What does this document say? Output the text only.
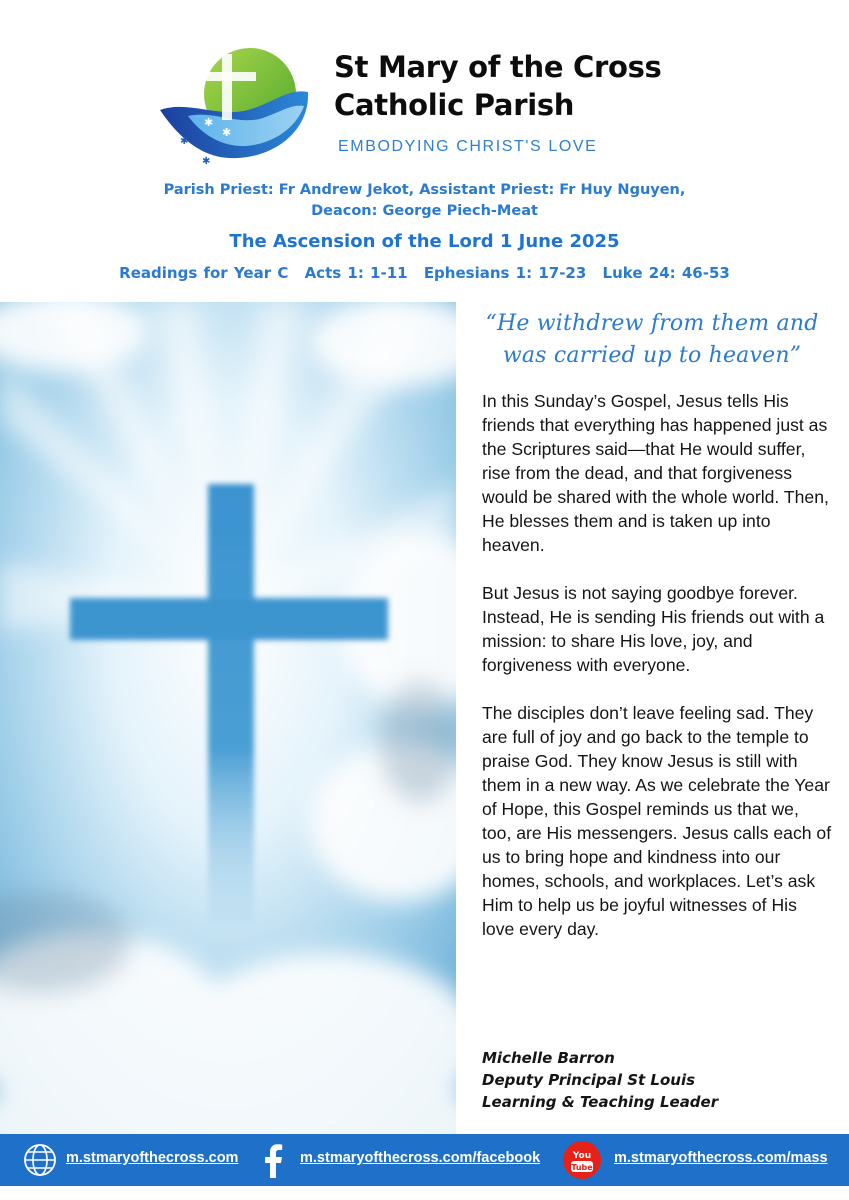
✱
✱
✱
✱
St Mary of the Cross
Catholic Parish
EMBODYING CHRIST'S LOVE
Parish Priest: Fr Andrew Jekot, Assistant Priest: Fr Huy Nguyen,
Deacon: George Piech-Meat
The Ascension of the Lord 1 June 2025
Readings for Year C Acts 1: 1-11 Ephesians 1: 17-23 Luke 24: 46-53
“He withdrew from them and
was carried up to heaven”

In this Sunday’s Gospel, Jesus tells His friends that everything has happened just as the Scriptures said—that He would suffer, rise from the dead, and that forgiveness would be shared with the whole world. Then, He blesses them and is taken up into heaven.

But Jesus is not saying goodbye forever. Instead, He is sending His friends out with a mission: to share His love, joy, and forgiveness with everyone.

The disciples don’t leave feeling sad. They are full of joy and go back to the temple to praise God. They know Jesus is still with them in a new way. As we celebrate the Year of Hope, this Gospel reminds us that we, too, are His messengers. Jesus calls each of us to bring hope and kindness into our homes, schools, and workplaces. Let’s ask Him to help us be joyful witnesses of His love every day.

Michelle Barron
Deputy Principal St Louis
Learning & Teaching Leader
m.stmaryofthecross.com	m.stmaryofthecross.com/facebook	You
Tube
m.stmaryofthecross.com/mass
